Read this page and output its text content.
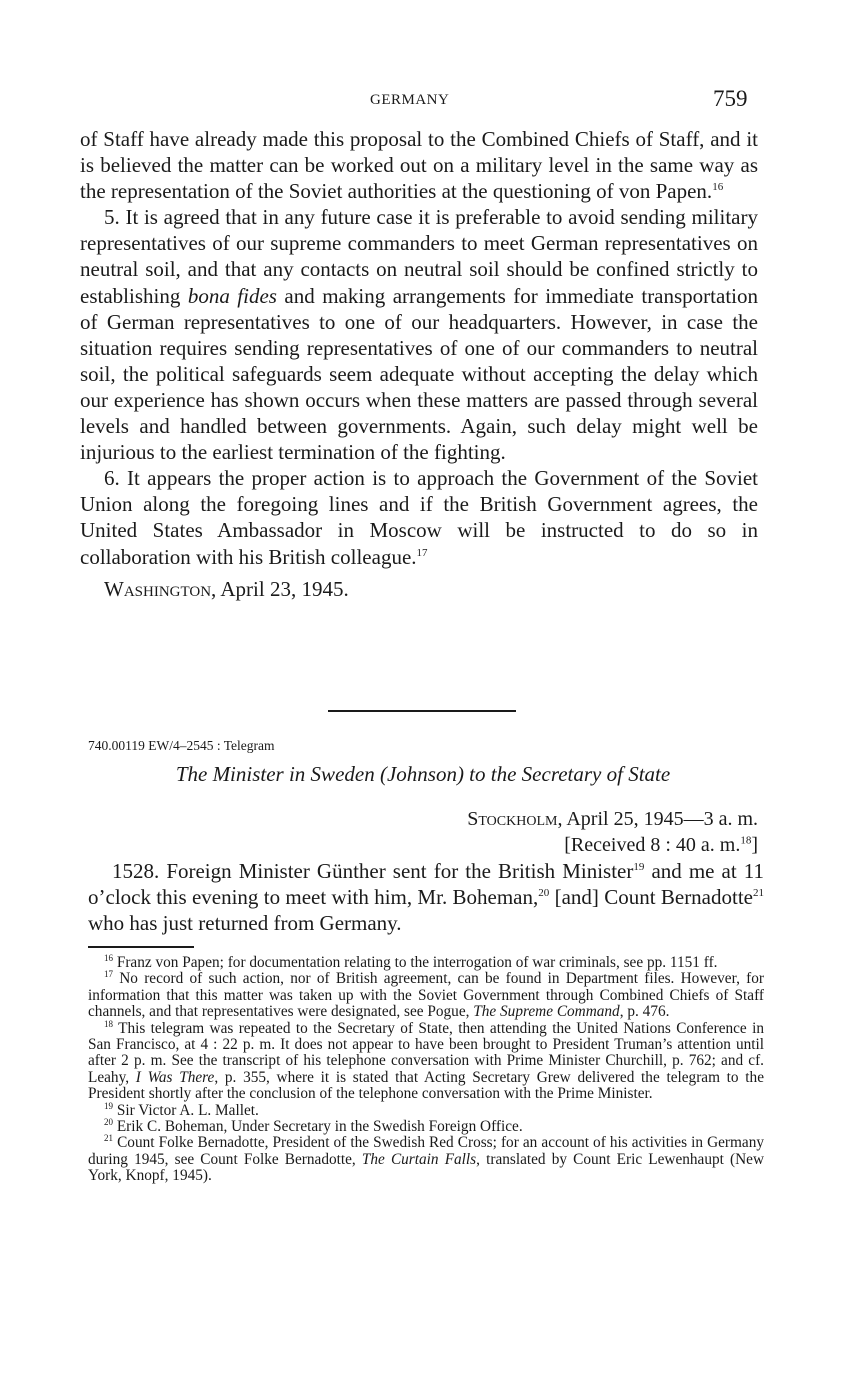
GERMANY	759

of Staff have already made this proposal to the Combined Chiefs of Staff, and it is believed the matter can be worked out on a military level in the same way as the representation of the Soviet authorities at the questioning of von Papen.$^{16}$

5. It is agreed that in any future case it is preferable to avoid sending military representatives of our supreme commanders to meet German representatives on neutral soil, and that any contacts on neutral soil should be confined strictly to establishing bona fides and making arrangements for immediate transportation of German representatives to one of our headquarters. However, in case the situation requires sending representatives of one of our commanders to neutral soil, the political safeguards seem adequate without accepting the delay which our experience has shown occurs when these matters are passed through several levels and handled between governments. Again, such delay might well be injurious to the earliest termination of the fighting.

6. It appears the proper action is to approach the Government of the Soviet Union along the foregoing lines and if the British Government agrees, the United States Ambassador in Moscow will be instructed to do so in collaboration with his British colleague.$^{17}$

Washington, April 23, 1945.

740.00119 EW/4–2545 : Telegram
The Minister in Sweden (Johnson) to the Secretary of State
Stockholm, April 25, 1945—3 a. m.
[Received 8 : 40 a. m.$^{18}$]

1528. Foreign Minister Günther sent for the British Minister$^{19}$ and me at 11 o’clock this evening to meet with him, Mr. Boheman,$^{20}$ [and] Count Bernadotte$^{21}$ who has just returned from Germany.

$^{16}$ Franz von Papen; for documentation relating to the interrogation of war criminals, see pp. 1151 ff.

$^{17}$ No record of such action, nor of British agreement, can be found in Department files. However, for information that this matter was taken up with the Soviet Government through Combined Chiefs of Staff channels, and that representatives were designated, see Pogue, The Supreme Command, p. 476.

$^{18}$ This telegram was repeated to the Secretary of State, then attending the United Nations Conference in San Francisco, at 4 : 22 p. m. It does not appear to have been brought to President Truman’s attention until after 2 p. m. See the transcript of his telephone conversation with Prime Minister Churchill, p. 762; and cf. Leahy, I Was There, p. 355, where it is stated that Acting Secretary Grew delivered the telegram to the President shortly after the conclusion of the telephone conversation with the Prime Minister.

$^{19}$ Sir Victor A. L. Mallet.

$^{20}$ Erik C. Boheman, Under Secretary in the Swedish Foreign Office.

$^{21}$ Count Folke Bernadotte, President of the Swedish Red Cross; for an account of his activities in Germany during 1945, see Count Folke Bernadotte, The Curtain Falls, translated by Count Eric Lewenhaupt (New York, Knopf, 1945).
